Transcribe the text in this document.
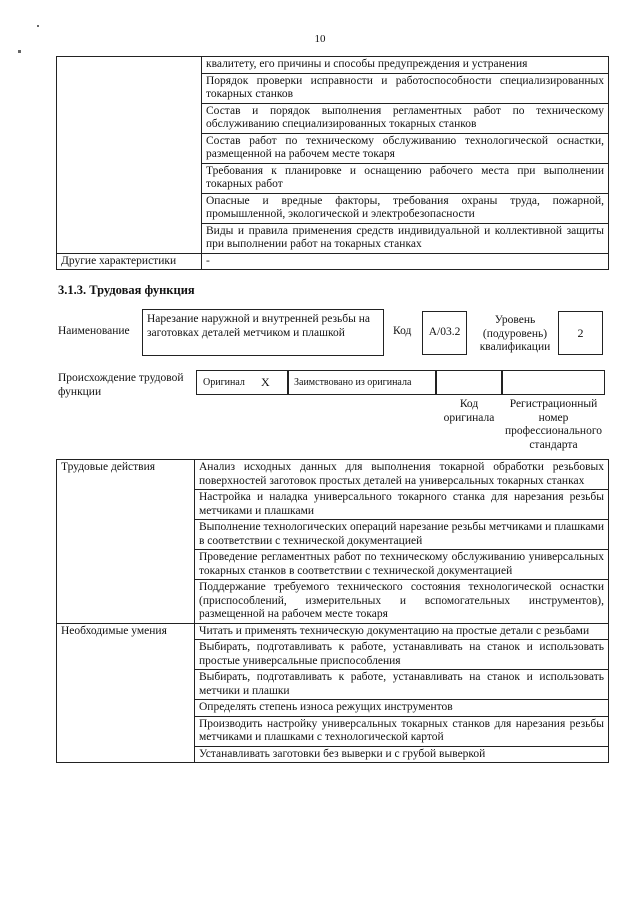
10
	квалитету, его причины и способы предупреждения и устранения
	Порядок проверки исправности и работоспособности специализированных токарных станков
	Состав и порядок выполнения регламентных работ по техническому обслуживанию специализированных токарных станков
	Состав работ по техническому обслуживанию технологической оснастки, размещенной на рабочем месте токаря
	Требования к планировке и оснащению рабочего места при выполнении токарных работ
	Опасные и вредные факторы, требования охраны труда, пожарной, промышленной, экологической и электробезопасности
	Виды и правила применения средств индивидуальной и коллективной защиты при выполнении работ на токарных станках
Другие характеристики	-
3.1.3. Трудовая функция
Наименование
Нарезание наружной и внутренней резьбы на заготовках деталей метчиком и плашкой	Код	A/03.2
Уровень (подуровень) квалификации
2
Происхождение трудовой функции
Оригинал X Заимствовано из оригинала
Код оригинала
Регистрационный номер профессионального стандарта
Трудовые действия	Анализ исходных данных для выполнения токарной обработки резьбовых поверхностей заготовок простых деталей на универсальных токарных станках
	Настройка и наладка универсального токарного станка для нарезания резьбы метчиками и плашками
	Выполнение технологических операций нарезание резьбы метчиками и плашками в соответствии с технической документацией
	Проведение регламентных работ по техническому обслуживанию универсальных токарных станков в соответствии с технической документацией
	Поддержание требуемого технического состояния технологической оснастки (приспособлений, измерительных и вспомогательных инструментов), размещенной на рабочем месте токаря
Необходимые умения	Читать и применять техническую документацию на простые детали с резьбами
	Выбирать, подготавливать к работе, устанавливать на станок и использовать простые универсальные приспособления
	Выбирать, подготавливать к работе, устанавливать на станок и использовать метчики и плашки
	Определять степень износа режущих инструментов
	Производить настройку универсальных токарных станков для нарезания резьбы метчиками и плашками с технологической картой
	Устанавливать заготовки без выверки и с грубой выверкой
